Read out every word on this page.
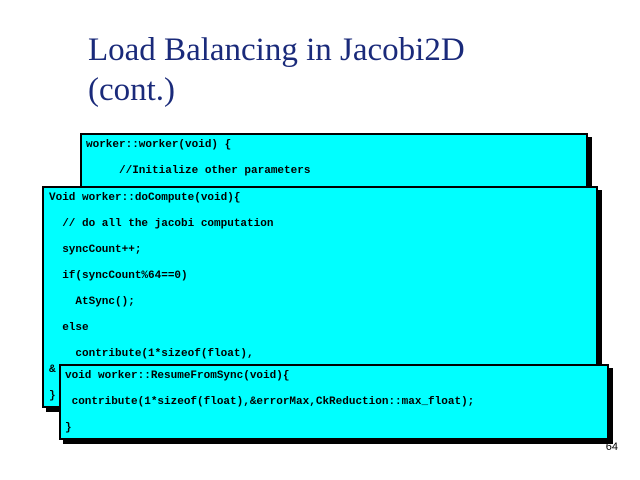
Load Balancing in Jacobi2D
(cont.)

worker::worker(void) {

//Initialize other parameters

Void worker::doCompute(void){

// do all the jacobi computation

syncCount++;

if(syncCount%64==0)

AtSync();

else

contribute(1*sizeof(float),

&

}

void worker::ResumeFromSync(void){

contribute(1*sizeof(float),&errorMax,CkReduction::max_float);

}

64
